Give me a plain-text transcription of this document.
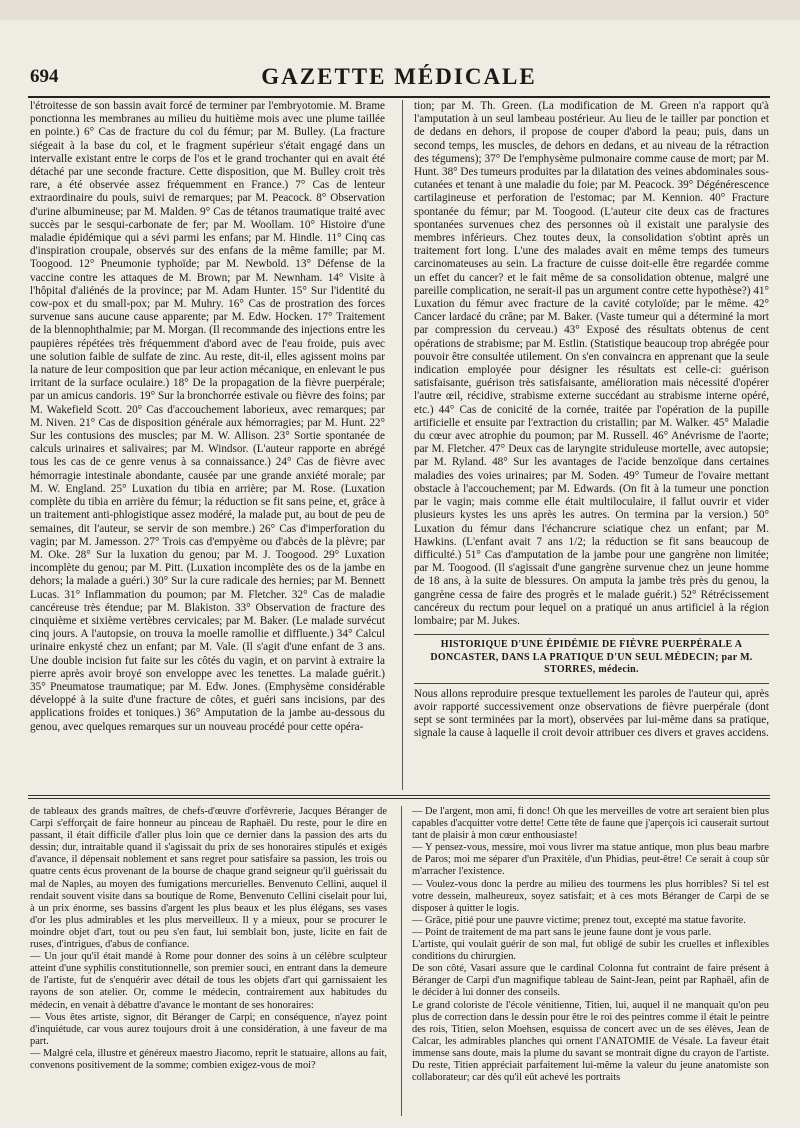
694	GAZETTE MÉDICALE

l'étroitesse de son bassin avait forcé de terminer par l'embryotomie. M. Brame ponctionna les membranes au milieu du huitième mois avec une plume taillée en pointe.) 6° Cas de fracture du col du fémur; par M. Bulley. (La fracture siégeait à la base du col, et le fragment supérieur s'était engagé dans un intervalle existant entre le corps de l'os et le grand trochanter qui en avait été détaché par une seconde fracture. Cette disposition, que M. Bulley croit très rare, a été observée assez fréquemment en France.) 7° Cas de lenteur extraordinaire du pouls, suivi de remarques; par M. Peacock. 8° Observation d'urine albumineuse; par M. Malden. 9° Cas de tétanos traumatique traité avec succès par le sesqui-carbonate de fer; par M. Woollam. 10° Histoire d'une maladie épidémique qui a sévi parmi les enfans; par M. Hindle. 11° Cinq cas d'inspiration croupale, observés sur des enfans de la même famille; par M. Toogood. 12° Pneumonie typhoïde; par M. Newbold. 13° Défense de la vaccine contre les attaques de M. Brown; par M. Newnham. 14° Visite à l'hôpital d'aliénés de la province; par M. Adam Hunter. 15° Sur l'identité du cow-pox et du small-pox; par M. Muhry. 16° Cas de prostration des forces survenue sans aucune cause apparente; par M. Edw. Hocken. 17° Traitement de la blennophthalmie; par M. Morgan. (Il recommande des injections entre les paupières répétées très fréquemment d'abord avec de l'eau froide, puis avec une solution faible de sulfate de zinc. Au reste, dit-il, elles agissent moins par la nature de leur composition que par leur action mécanique, en enlevant le pus irritant de la surface oculaire.) 18° De la propagation de la fièvre puerpérale; par un amicus candoris. 19° Sur la bronchorrée estivale ou fièvre des foins; par M. Wakefield Scott. 20° Cas d'accouchement laborieux, avec remarques; par M. Niven. 21° Cas de disposition générale aux hémorragies; par M. Hunt. 22° Sur les contusions des muscles; par M. W. Allison. 23° Sortie spontanée de calculs urinaires et salivaires; par M. Windsor. (L'auteur rapporte en abrégé tous les cas de ce genre venus à sa connaissance.) 24° Cas de fièvre avec hémorragie intestinale abondante, causée par une grande anxiété morale; par M. W. England. 25° Luxation du tibia en arrière; par M. Rose. (Luxation complète du tibia en arrière du fémur; la réduction se fit sans peine, et, grâce à un traitement anti-phlogistique assez modéré, la malade put, au bout de peu de semaines, dit l'auteur, se servir de son membre.) 26° Cas d'imperforation du vagin; par M. Jamesson. 27° Trois cas d'empyème ou d'abcès de la plèvre; par M. Oke. 28° Sur la luxation du genou; par M. J. Toogood. 29° Luxation incomplète du genou; par M. Pitt. (Luxation incomplète des os de la jambe en dehors; la malade a guéri.) 30° Sur la cure radicale des hernies; par M. Bennett Lucas. 31° Inflammation du poumon; par M. Fletcher. 32° Cas de maladie cancéreuse très étendue; par M. Blakiston. 33° Observation de fracture des cinquième et sixième vertèbres cervicales; par M. Baker. (Le malade survécut cinq jours. A l'autopsie, on trouva la moelle ramollie et diffluente.) 34° Calcul urinaire enkysté chez un enfant; par M. Vale. (Il s'agit d'une enfant de 3 ans. Une double incision fut faite sur les côtés du vagin, et on parvint à extraire la pierre après avoir broyé son enveloppe avec les tenettes. La malade guérit.) 35° Pneumatose traumatique; par M. Edw. Jones. (Emphysème considérable développé à la suite d'une fracture de côtes, et guéri sans incisions, par des applications froides et toniques.) 36° Amputation de la jambe au-dessous du genou, avec quelques remarques sur un nouveau procédé pour cette opéra-

tion; par M. Th. Green. (La modification de M. Green n'a rapport qu'à l'amputation à un seul lambeau postérieur. Au lieu de le tailler par ponction et de dedans en dehors, il propose de couper d'abord la peau; puis, dans un second temps, les muscles, de dehors en dedans, et au niveau de la rétraction des tégumens); 37° De l'emphysème pulmonaire comme cause de mort; par M. Hunt. 38° Des tumeurs produites par la dilatation des veines abdominales sous-cutanées et tenant à une maladie du foie; par M. Peacock. 39° Dégénérescence cartilagineuse et perforation de l'estomac; par M. Kennion. 40° Fracture spontanée du fémur; par M. Toogood. (L'auteur cite deux cas de fractures spontanées survenues chez des personnes où il existait une paralysie des membres inférieurs. Chez toutes deux, la consolidation s'obtint après un traitement fort long. L'une des malades avait en même temps des tumeurs carcinomateuses au sein. La fracture de cuisse doit-elle être regardée comme un effet du cancer? et le fait même de sa consolidation obtenue, malgré une pareille complication, ne serait-il pas un argument contre cette hypothèse?) 41° Luxation du fémur avec fracture de la cavité cotyloïde; par le même. 42° Cancer lardacé du crâne; par M. Baker. (Vaste tumeur qui a déterminé la mort par compression du cerveau.) 43° Exposé des résultats obtenus de cent opérations de strabisme; par M. Estlin. (Statistique beaucoup trop abrégée pour pouvoir être consultée utilement. On s'en convaincra en apprenant que la seule indication employée pour désigner les résultats est celle-ci: guérison satisfaisante, guérison très satisfaisante, amélioration mais nécessité d'opérer l'autre œil, récidive, strabisme externe succédant au strabisme interne opéré, etc.) 44° Cas de conicité de la cornée, traitée par l'opération de la pupille artificielle et ensuite par l'extraction du cristallin; par M. Walker. 45° Maladie du cœur avec atrophie du poumon; par M. Russell. 46° Anévrisme de l'aorte; par M. Fletcher. 47° Deux cas de laryngite striduleuse mortelle, avec autopsie; par M. Ryland. 48° Sur les avantages de l'acide benzoïque dans certaines maladies des voies urinaires; par M. Soden. 49° Tumeur de l'ovaire mettant obstacle à l'accouchement; par M. Edwards. (On fit à la tumeur une ponction par le vagin; mais comme elle était multiloculaire, il fallut ouvrir et vider plusieurs kystes les uns après les autres. On termina par la version.) 50° Luxation du fémur dans l'échancrure sciatique chez un enfant; par M. Hawkins. (L'enfant avait 7 ans 1/2; la réduction se fit sans beaucoup de difficulté.) 51° Cas d'amputation de la jambe pour une gangrène non limitée; par M. Toogood. (Il s'agissait d'une gangrène survenue chez un jeune homme de 18 ans, à la suite de blessures. On amputa la jambe très près du genou, la gangrène cessa de faire des progrès et le malade guérit.) 52° Rétrécissement cancéreux du rectum pour lequel on a pratiqué un anus artificiel à la région lombaire; par M. Jukes.

HISTORIQUE D'UNE ÉPIDÉMIE DE FIÈVRE PUERPÉRALE A DONCASTER, DANS LA PRATIQUE D'UN SEUL MÉDECIN; par M. STORRES, médecin.

Nous allons reproduire presque textuellement les paroles de l'auteur qui, après avoir rapporté successivement onze observations de fièvre puerpérale (dont sept se sont terminées par la mort), observées par lui-même dans sa pratique, signale la cause à laquelle il croit devoir attribuer ces divers et graves accidens.

de tableaux des grands maîtres, de chefs-d'œuvre d'orfèvrerie, Jacques Béranger de Carpi s'efforçait de faire honneur au pinceau de Raphaël. Du reste, pour le dire en passant, il était difficile d'aller plus loin que ce dernier dans la passion des arts du dessin; dur, intraitable quand il s'agissait du prix de ses honoraires stipulés et exigés d'avance, il dépensait noblement et sans regret pour satisfaire sa passion, les trois ou quatre cents écus provenant de la bourse de chaque grand seigneur qu'il guérissait du mal de Naples, au moyen des fumigations mercurielles. Benvenuto Cellini, auquel il rendait souvent visite dans sa boutique de Rome, Benvenuto Cellini ciselait pour lui, à un prix énorme, ses bassins d'argent les plus beaux et les plus élégans, ses vases d'or les plus admirables et les plus merveilleux. Il y a mieux, pour se procurer le moindre objet d'art, tout ou peu s'en faut, lui semblait bon, juste, licite en fait de ruses, d'intrigues, d'abus de confiance.

— Un jour qu'il était mandé à Rome pour donner des soins à un célèbre sculpteur atteint d'une syphilis constitutionnelle, son premier souci, en entrant dans la demeure de l'artiste, fut de s'enquérir avec détail de tous les objets d'art qui garnissaient les rayons de son atelier. Or, comme le médecin, contrairement aux habitudes du médecin, en venait à débattre d'avance le montant de ses honoraires:

— Vous êtes artiste, signor, dit Béranger de Carpi; en conséquence, n'ayez point d'inquiétude, car vous aurez toujours droit à une considération, à une faveur de ma part.

— Malgré cela, illustre et généreux maestro Jiacomo, reprit le statuaire, allons au fait, convenons positivement de la somme; combien exigez-vous de moi?

— De l'argent, mon ami, fi donc! Oh que les merveilles de votre art seraient bien plus capables d'acquitter votre dette! Cette tête de faune que j'aperçois ici causerait surtout tant de plaisir à mon cœur enthousiaste!

— Y pensez-vous, messire, moi vous livrer ma statue antique, mon plus beau marbre de Paros; moi me séparer d'un Praxitèle, d'un Phidias, peut-être! Ce serait à coup sûr m'arracher l'existence.

— Voulez-vous donc la perdre au milieu des tourmens les plus horribles? Si tel est votre dessein, malheureux, soyez satisfait; et à ces mots Béranger de Carpi de se disposer à quitter le logis.

— Grâce, pitié pour une pauvre victime; prenez tout, excepté ma statue favorite.

— Point de traitement de ma part sans le jeune faune dont je vous parle.

L'artiste, qui voulait guérir de son mal, fut obligé de subir les cruelles et inflexibles conditions du chirurgien.

De son côté, Vasari assure que le cardinal Colonna fut contraint de faire présent à Béranger de Carpi d'un magnifique tableau de Saint-Jean, peint par Raphaël, afin de le décider à lui donner des conseils.

Le grand coloriste de l'école vénitienne, Titien, lui, auquel il ne manquait qu'on peu plus de correction dans le dessin pour être le roi des peintres comme il était le peintre des rois, Titien, selon Moehsen, esquissa de concert avec un de ses élèves, Jean de Calcar, les admirables planches qui ornent l'ANATOMIE de Vésale. La faveur était immense sans doute, mais la plume du savant se montrait digne du crayon de l'artiste. Du reste, Titien appréciait parfaitement lui-même la valeur du jeune anatomiste son collaborateur; car dès qu'il eût achevé les portraits
